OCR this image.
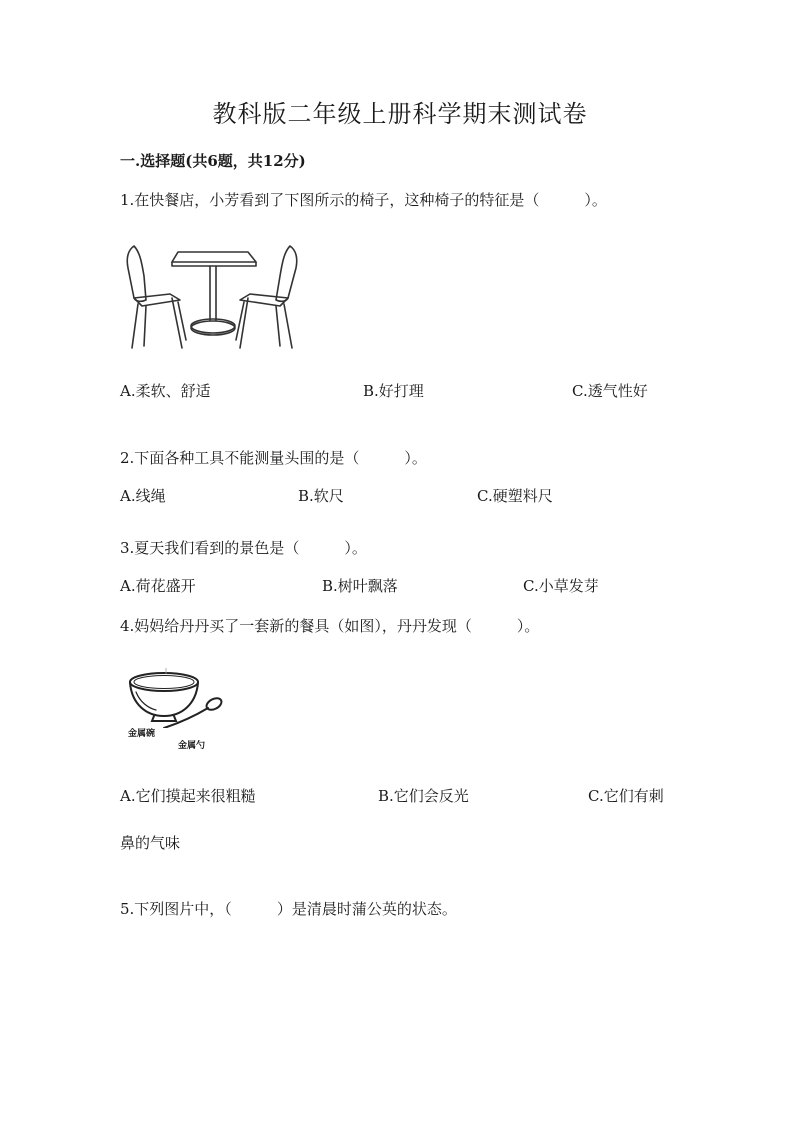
教科版二年级上册科学期末测试卷
一.选择题(共6题，共12分)
1.在快餐店，小芳看到了下图所示的椅子，这种椅子的特征是（　　　）。
A.柔软、舒适	B.好打理	C.透气性好
2.下面各种工具不能测量头围的是（　　　）。
A.线绳	B.软尺	C.硬塑料尺
3.夏天我们看到的景色是（　　　）。
A.荷花盛开	B.树叶飘落	C.小草发芽
4.妈妈给丹丹买了一套新的餐具（如图），丹丹发现（　　　）。
金属碗
金属勺
A.它们摸起来很粗糙	B.它们会反光	C.它们有刺
鼻的气味
5.下列图片中，（　　　）是清晨时蒲公英的状态。
